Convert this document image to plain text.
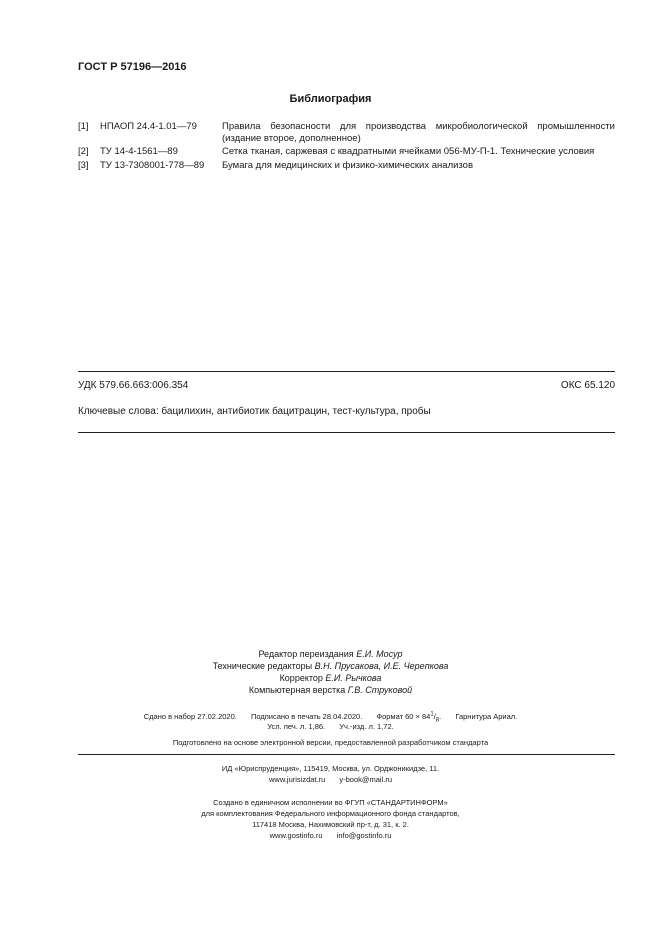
ГОСТ Р 57196—2016
Библиография
[1] НПАОП 24.4-1.01—79	Правила безопасности для производства микробиологической промышленности (издание второе, дополненное)
[2] ТУ 14-4-1561—89	Сетка тканая, саржевая с квадратными ячейками 056-МУ-П-1. Технические условия
[3] ТУ 13-7308001-778—89 Бумага для медицинских и физико-химических анализов
УДК 579.66.663:006.354	ОКС 65.120
Ключевые слова: бацилихин, антибиотик бацитрацин, тест-культура, пробы
Редактор переиздания Е.И. Мосур
Технические редакторы В.Н. Прусакова, И.Е. Черепкова
Корректор Е.И. Рычкова
Компьютерная верстка Г.В. Струковой
Сдано в набор 27.02.2020. Подписано в печать 28.04.2020. Формат $60 \times 84^1/_8$. Гарнитура Ариал.
Усл. печ. л. 1,86. Уч.-изд. л. 1,72.
Подготовлено на основе электронной версии, предоставленной разработчиком стандарта
ИД «Юриспруденция», 115419, Москва, ул. Орджоникидзе, 11.
www.jurisizdat.ru y-book@mail.ru
Создано в единичном исполнении во ФГУП «СТАНДАРТИНФОРМ»
для комплектования Федерального информационного фонда стандартов,
117418 Москва, Нахимовский пр-т, д. 31, к. 2.
www.gostinfo.ru info@gostinfo.ru
